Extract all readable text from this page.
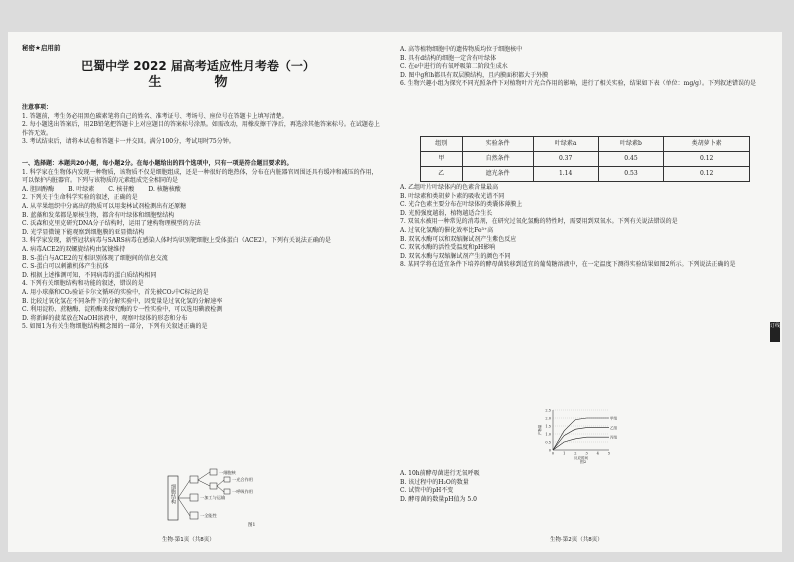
秘密★启用前
巴蜀中学 2022 届高考适应性月考卷（一）
生　物

注意事项：

1. 答题前，考生务必用黑色碳素笔将自己的姓名、准考证号、考场号、座位号在答题卡上填写清楚。

2. 每小题选出答案后，用2B铅笔把答题卡上对应题目的答案标号涂黑。如需改动，用橡皮擦干净后，再选涂其他答案标号。在试题卷上作答无效。

3. 考试结束后，请将本试卷和答题卡一并交回。满分100分，考试用时75分钟。

一、选择题：本题共20小题，每小题2分。在每小题给出的四个选项中，只有一项是符合题目要求的。

1. 科学家在生物体内发现一种物质，该物质不仅是细胞组成，还是一种很好的绝热体，分布在内脏器官周围还具有缓冲和减压的作用，可以保护内脏器官。下列与该物质的元素组成完全相同的是

A. 胆固醇酶　　 B. 叶绿素　　 C. 核苷酸　　 D. 核糖核酸

2. 下列关于生命科学实验的叙述，正确的是

A. 从苹果组织中分离出的物质可以用斐林试剂检测出有还原糖

B. 蓝藻和发菜都是原核生物，都含有叶绿体和细胞壁结构

C. 沃森和克里克研究DNA分子结构时，运用了建构物理模型的方法

D. 光学显微镜下能观察到细胞膜的亚显微结构

3. 科学家发现，新型冠状病毒与SARS病毒在感染人体时均识别靶细胞上受体蛋白（ACE2），下列有关说法正确的是

A. 病毒ACE2的双螺旋结构由氢键维持

B. S-蛋白与ACE2的互相识别体现了细胞间的信息交流

C. S-蛋白可以刺激机体产生抗体

D. 根据上述推测可知，不同病毒的蛋白质结构相同

4. 下列有关细胞结构和功能的叙述，错误的是

A. 用小球藻和CO₂验证卡尔文循环的实验中，首先被CO₂中C标记的是

B. 比较过氧化氢在不同条件下的分解实验中，因变量是过氧化氢的分解速率

C. 利用淀粉、蔗糖酶、淀粉酶来探究酶的专一性实验中，可以选用碘液检测

D. 将新鲜的菠菜放在NaOH溶液中，观察叶绿体的形态和分布

5. 如图1为有关生物细胞结构概念图的一部分，下列有关叙述正确的是

细胞结构
一细胞核
一光合作用
一呼吸作用
一加工与运输
一全能性
图1
生物·第1页（共8页）

A. 高等植物细胞中的遗传物质均位于细胞核中

B. 具有d结构的细胞一定含有叶绿体

C. 在e中进行的有氧呼吸第二阶段生成水

D. 图中g和h都具有双层膜结构，且内膜面积都大于外膜

6. 生物兴趣小组为探究不同光照条件下对植物叶片光合作用的影响，进行了相关实验，结果如下表（单位：mg/g）。下列叙述错误的是

组别	实验条件	叶绿素a	叶绿素b	类胡萝卜素
甲	自然条件	0.37	0.45	0.12
乙	遮光条件	1.14	0.53	0.12

A. 乙组叶片叶绿体内的色素含量最高

B. 叶绿素和类胡萝卜素的吸收光谱不同

C. 光合色素主要分布在叶绿体的类囊体薄膜上

D. 光照强度越弱，植物越适合生长

7. 双氧水被用一种常见的消毒剂，在研究过氧化氢酶的特性时，需要用到双氧水。下列有关说法错误的是

A. 过氧化氢酶的催化效率比Fe³⁺高

B. 双氧水酶可以和双缩脲试剂产生紫色反应

C. 双氧水酶的活性受温度和pH影响

D. 双氧水酶与双缩脲试剂产生的颜色不同

8. 某同学将在适宜条件下培养的酵母菌转移到适宜的葡萄糖溶液中，在一定温度下测得实验结果如图2所示。下列说法正确的是

0
0.5
1.0
1.5
2.0
2.5
0	1	2	3	4	5
产物量
反应时间
甲组
乙组
丙组
图2

A. 10h前酵母菌进行无氧呼吸

B. 该过程中的H₂O的数量

C. 试管中的pH不变

D. 酵母菌的数量pH值为 5.0

生物·第2页（共8页）
订线
